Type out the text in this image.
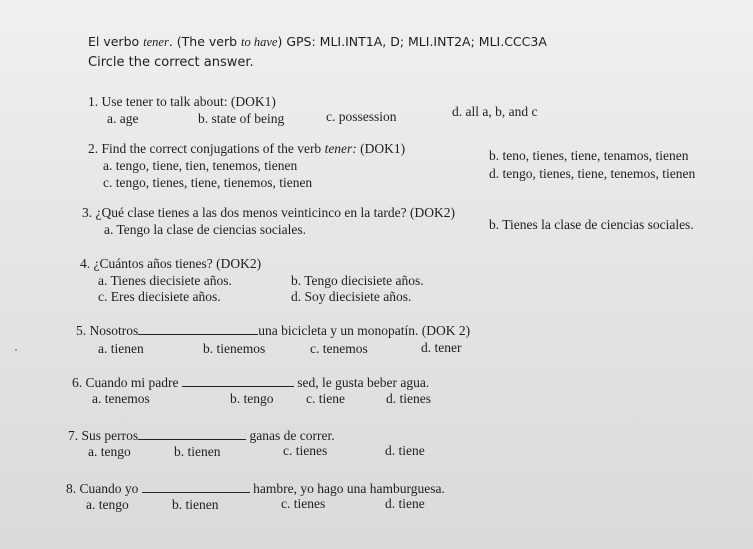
El verbo tener. (The verb to have) GPS: MLI.INT1A, D; MLI.INT2A; MLI.CCC3A
Circle the correct answer.
1. Use tener to talk about: (DOK1)
a. age	b. state of being	c. possession	d. all a, b, and c
2. Find the correct conjugations of the verb tener: (DOK1)
a. tengo, tiene, tien, tenemos, tienen
b. teno, tienes, tiene, tenamos, tienen
c. tengo, tienes, tiene, tienemos, tienen
d. tengo, tienes, tiene, tenemos, tienen
3. ¿Qué clase tienes a las dos menos veinticinco en la tarde? (DOK2)
a. Tengo la clase de ciencias sociales.	b. Tienes la clase de ciencias sociales.
4. ¿Cuántos años tienes? (DOK2)
a. Tienes diecisiete años.	b. Tengo diecisiete años.
c. Eres diecisiete años.	d. Soy diecisiete años.
5. Nosotros	una bicicleta y un monopatín. (DOK 2)
a. tienen	b. tienemos	c. tenemos	d. tener
6. Cuando mi padre	sed, le gusta beber agua.
a. tenemos	b. tengo c. tiene	d. tienes
7. Sus perros	ganas de correr.
a. tengo	b. tienen	c. tienes	d. tiene
8. Cuando yo	hambre, yo hago una hamburguesa.
a. tengo	b. tienen	c. tienes	d. tiene
